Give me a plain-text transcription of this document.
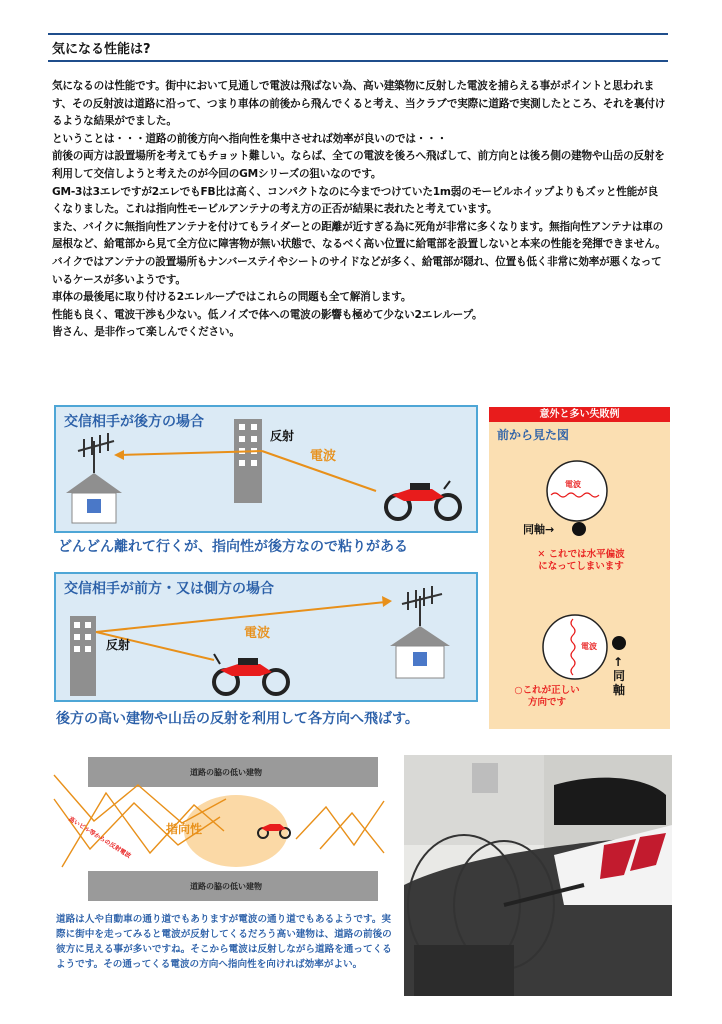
気になる性能は?

気になるのは性能です。街中において見通しで電波は飛ばない為、高い建築物に反射した電波を捕らえる事がポイントと思われます、その反射波は道路に沿って、つまり車体の前後から飛んでくると考え、当クラブで実際に道路で実測したところ、それを裏付けるような結果がでました。

ということは・・・道路の前後方向へ指向性を集中させれば効率が良いのでは・・・

前後の両方は設置場所を考えてもチョット難しい。ならば、全ての電波を後ろへ飛ばして、前方向とは後ろ側の建物や山岳の反射を利用して交信しようと考えたのが今回のGMシリーズの狙いなのです。

GM-3は3エレですが2エレでもFB比は高く、コンパクトなのに今までつけていた1m弱のモービルホイップよりもズッと性能が良くなりました。これは指向性モービルアンテナの考え方の正否が結果に表れたと考えています。

また、バイクに無指向性アンテナを付けてもライダーとの距離が近すぎる為に死角が非常に多くなります。無指向性アンテナは車の屋根など、給電部から見て全方位に障害物が無い状態で、なるべく高い位置に給電部を設置しないと本来の性能を発揮できません。バイクではアンテナの設置場所もナンバーステイやシートのサイドなどが多く、給電部が隠れ、位置も低く非常に効率が悪くなっているケースが多いようです。

車体の最後尾に取り付ける2エレループではこれらの問題も全て解消します。

性能も良く、電波干渉も少ない。低ノイズで体への電波の影響も極めて少ない2エレループ。

皆さん、是非作って楽しんでください。

交信相手が後方の場合
反射
電波
どんどん離れて行くが、指向性が後方なので粘りがある
交信相手が前方・又は側方の場合
反射
電波
後方の高い建物や山岳の反射を利用して各方向へ飛ばす。
意外と多い失敗例
前から見た図
電波
同軸→
✕ これでは水平偏波
になってしまいます
電波
↑
同軸
○これが正しい
方向です
道路の脇の低い建物
道路の脇の低い建物
指向性
高いビル等からの反射電波
道路は人や自動車の通り道でもありますが電波の通り道でもあるようです。実際に街中を走ってみると電波が反射してくるだろう高い建物は、道路の前後の彼方に見える事が多いですね。そこから電波は反射しながら道路を通ってくるようです。その通ってくる電波の方向へ指向性を向ければ効率がよい。
